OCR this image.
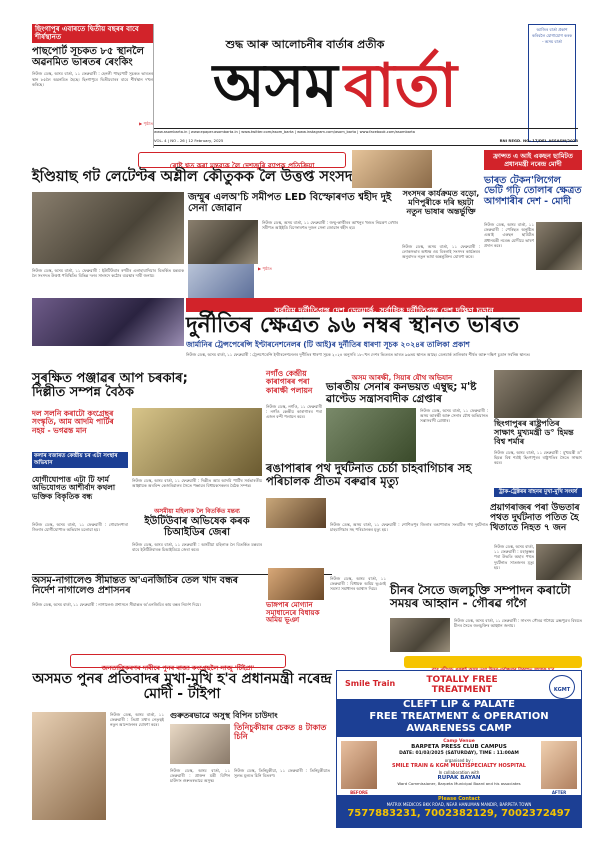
ছিংগাপুৰ এবাৰতে দ্বিতীয় বছৰৰ বাবে শীৰ্ষস্থানত
পাছপোৰ্ট সূচকত ৮৫ স্থানলৈ অৱনমিত ভাৰতৰ ৰেংকিং
নিউজ ডেস্ক, অসম বাৰ্তা, ১১ ফেব্ৰুৱাৰী : হেনলী পাছপোৰ্ট সূচকত ভাৰতৰ স্থান ৮৫লৈ অৱনমিত হৈছে। ছিংগাপুৰে দ্বিতীয়বাৰৰ বাবে শীৰ্ষস্থান দখল কৰিছে।
▶ পৃষ্ঠাত
শুদ্ধ আৰু আলোচনীৰ বাৰ্তাৰ প্ৰতীক
অসম বাৰ্তা
আজিৰ বাৰ্তা প্ৰকাশ কৰিবলৈ যোগাযোগ কৰক - অসম বাৰ্তা
www.asombarta.in | www.epaper.asombarta.in | www.twitter.com/asom_barta | www.instagram.com/asom_barta | www.facebook.com/asombarta
VOL- 4 | NO - 26 | 12 February, 2025	RNI REGD. NO: 17/DEL ASSASM/2023
ৰোষ্ট শ্বত কৰা মন্তব্যক লৈ দেশজুৰি ব্যাপক প্ৰতিক্ৰিয়া
ইণ্ডিয়াছ গট লেটেণ্টৰ অশ্লীল কৌতুকক লৈ উত্তপ্ত সংসদ
নিউজ ডেস্ক, অসম বাৰ্তা, ১১ ফেব্ৰুৱাৰী : ইউটিউবাৰ ৰণবীৰ এলাহাবাদিয়াৰ বিতৰ্কিত মন্তব্যক লৈ সংসদত উত্তপ্ত পৰিস্থিতি। বিভিন্ন দলৰ সাংসদে কঠোৰ ব্যৱস্থাৰ দাবী জনায়।
জম্মুৰ এলঅ'চি সমীপত LED বিস্ফোৰণত শ্বহীদ দুই সেনা জোৱান
নিউজ ডেস্ক, অসম বাৰ্তা, ১১ ফেব্ৰুৱাৰী : জম্মু-কাশ্মীৰৰ আখনুৰ খণ্ডত নিয়ন্ত্ৰণ ৰেখাৰ সমীপত আইইডি বিস্ফোৰণত দুজন সেনা জোৱান শ্বহীদ হয়।
▶ পৃষ্ঠাত
সংসদৰ কাৰ্যক্ৰমত বড়ো, মণিপুৰীকে দৰি ছয়টা নতুন ভাষাৰ অন্তৰ্ভুক্তি
নিউজ ডেস্ক, অসম বাৰ্তা, ১১ ফেব্ৰুৱাৰী : লোকসভাৰ অধ্যক্ষ ওম বিৰলাই সংসদৰ কাৰ্যক্ৰমৰ অনুবাদত নতুন ভাষা অন্তৰ্ভুক্তিৰ ঘোষণা কৰে।
ফ্ৰান্সত এ আই একছন ছামিটত প্ৰধানমন্ত্ৰী নৰেন্দ্ৰ মোদী
ভাৰত টেকন'লিগেল ভেটি গঢ়ি তোলাৰ ক্ষেত্ৰত আগশাৰীৰ দেশ - মোদী
নিউজ ডেস্ক, অসম বাৰ্তা, ১১ ফেব্ৰুৱাৰী : পেৰিছত অনুষ্ঠিত এআই একছন ছামিটত প্ৰধানমন্ত্ৰী নৰেন্দ্ৰ মোদীয়ে ভাষণ প্ৰদান কৰে।
সৰ্বনিম্ন দুৰ্নীতিগ্ৰস্ত দেশ ডেনমাৰ্ক, সৰ্বাধিক দুৰ্নীতিগ্ৰস্ত দেশ দক্ষিণ চুডান
দুৰ্নীতিৰ ক্ষেত্ৰত ৯৬ নম্বৰ স্থানত ভাৰত
জাৰ্মানিৰ ট্ৰেন্সপেৰেন্সি ইণ্টাৰনেশনেলৰ (টি আই)ৰ দুৰ্নীতিৰ ধাৰণা সূচক ২০২৪ৰ তালিকা প্ৰকাশ
নিউজ ডেস্ক, অসম বাৰ্তা, ১১ ফেব্ৰুৱাৰী : ট্ৰেন্সপেৰেন্সি ইণ্টাৰনেশনেলৰ দুৰ্নীতিৰ ধাৰণা সূচক ২০২৪ অনুসৰি ১৮০খন দেশৰ ভিতৰত ভাৰত ৯৬তম স্থানত আছে। ডেনমাৰ্ক তালিকাৰ শীৰ্ষত আৰু দক্ষিণ চুডান সৰ্বনিম্ন স্থানত।
সুৰক্ষিত পঞ্জাৱৰ আপ চৰকাৰ; দিল্লীত সম্পন্ন বৈঠক
দল সলনি কৰাটো কংগ্ৰেছৰ সংস্কৃতি, আম আদমি পাৰ্টিৰ নহয় - ভগৱন্ত মান
কলাৰ বজাৰত কেন্দ্ৰীয় চৰ এটা সংস্থাৰ অভিযান
যোগীঘোপাত্ত এটা টি ফাৰ্ম অভিযোগত আশীৰ্বাদ কথলা ভক্তিক বিকৃতিক বন্ধ
নিউজ ডেস্ক, অসম বাৰ্তা, ১১ ফেব্ৰুৱাৰী : গোৱালপাৰা জিলাৰ যোগীঘোপাত অভিযান চলোৱা হয়।
নিউজ ডেস্ক, অসম বাৰ্তা, ১১ ফেব্ৰুৱাৰী : দিল্লীত আম আদমি পাৰ্টিৰ সৰ্বভাৰতীয় আহ্বায়ক অৰবিন্দ কেজৰিৱালৰ সৈতে পঞ্জাৱৰ বিধায়কসকলৰ বৈঠক সম্পন্ন।
অসমীয়া মহিলাক লৈ বিতৰ্কিত মন্তব্য
ইউটিউবাৰ অভিষেক কৰক চিআইডিৰ জেৰা
নিউজ ডেস্ক, অসম বাৰ্তা, ১১ ফেব্ৰুৱাৰী : অসমীয়া মহিলাক লৈ বিতৰ্কিত মন্তব্যৰ বাবে ইউটিউবাৰক চিআইডিয়ে জেৰা কৰে।
নগাঁও কেন্দ্ৰীয় কাৰাগাৰৰ পৰা কাৰাক্ষী পলায়ন
নিউজ ডেস্ক, নগাঁও, ১১ ফেব্ৰুৱাৰী : নগাঁও কেন্দ্ৰীয় কাৰাগাৰৰ পৰা এজন বন্দী পলায়ন কৰে।
অসম আৰক্ষী, সিয়াৰ যৌথ অভিযান
ভাৰতীয় সেনাৰ কনভয়ত এম্বুছ; ম'ষ্ট ৱাণ্টেড সন্ত্ৰাসবাদীক গ্ৰেপ্তাৰ
নিউজ ডেস্ক, অসম বাৰ্তা, ১১ ফেব্ৰুৱাৰী : অসম আৰক্ষী আৰু সেনাৰ যৌথ অভিযানত সন্ত্ৰাসবাদী গ্ৰেপ্তাৰ।	ছিংগাপুৰৰ ৰাষ্ট্ৰপতিৰ সাক্ষাৎ মুখ্যমন্ত্ৰী ড° হিমন্ত বিশ্ব শৰ্মাৰ
নিউজ ডেস্ক, অসম বাৰ্তা, ১১ ফেব্ৰুৱাৰী : মুখ্যমন্ত্ৰী ড° হিমন্ত বিশ্ব শৰ্মাই ছিংগাপুৰৰ ৰাষ্ট্ৰপতিৰ সৈতে সাক্ষাৎ কৰে।
ৰঙাপাৰাৰ পথ দুৰ্ঘটনাত চেৰ্চা চাহবাগিচাৰ সহ পৰিচালক প্ৰীতম বৰুৱাৰ মৃত্যু
নিউজ ডেস্ক, অসম বাৰ্তা, ১১ ফেব্ৰুৱাৰী : শোণিতপুৰ জিলাৰ ৰঙাপাৰাত সংঘটিত পথ দুৰ্ঘটনাত চাহবাগিচাৰ সহ পৰিচালকৰ মৃত্যু হয়।
ট্ৰাক-ট্ৰেক্টৰৰ বাহনৰ মুখা-মুখি সংঘৰ্ষ
প্ৰয়াগৰাজৰ পৰা উভতাৰ পথত দুৰ্ঘটনাত পতিত হৈ থিতাতে নিহত ৭ জন
নিউজ ডেস্ক, অসম বাৰ্তা, ১১ ফেব্ৰুৱাৰী : মহাকুম্ভৰ পৰা উভতি অহাৰ পথত দুৰ্ঘটনাত সাতজনৰ মৃত্যু হয়।
অসম-নাগালেণ্ড সীমান্তত অ'এনজিচিৰ তেল খাদ বন্ধৰ নিৰ্দেশ নাগালেণ্ড প্ৰশাসনৰ
নিউজ ডেস্ক, অসম বাৰ্তা, ১১ ফেব্ৰুৱাৰী : নাগালেণ্ড প্ৰশাসনে সীমান্তত অ'এনজিচিৰ কাম বন্ধৰ নিৰ্দেশ দিয়ে।	ভাঙ্গপাৰ মোগ্যান সমাধানেৰে বিধায়ক অমিয় ভূঞা
নিউজ ডেস্ক, অসম বাৰ্তা, ১১ ফেব্ৰুৱাৰী : বিধায়ক অমিয় ভূঞাই সমস্যা সমাধানৰ আশ্বাস দিয়ে।	চীনৰ সৈতে জলচুক্তি সম্পাদন কৰাটো সময়ৰ আহ্বান - গৌৰৱ গগৈ
নিউজ ডেস্ক, অসম বাৰ্তা, ১১ ফেব্ৰুৱাৰী : সাংসদ গৌৰৱ গগৈয়ে ব্ৰহ্মপুত্ৰৰ বিষয়ত চীনৰ সৈতে জলচুক্তিৰ আহ্বান জনায়।
জনতাত্ৰিকৰণৰ দাবীৰে পুনৰ ৰাজ্য কংগ্ৰেছলৈ সাজু 'টিইপ্ৰা'
অসমত পুনৰ প্ৰতিবাদৰ মুখা-মুখি হ'ব প্ৰধানমন্ত্ৰী নৰেন্দ্ৰ মোদী - টাইপা
নিউজ ডেস্ক, অসম বাৰ্তা, ১১ ফেব্ৰুৱাৰী : তিপ্ৰা মথাৰ নেতৃত্বই নতুন আন্দোলনৰ ঘোষণা কৰে।
গুৰুতৰভাৱে অসুস্থ বিপিন চাউদাং
তিনিচুকীয়াৰ চেকত ৪ টাকাত চিনি
নিউজ ডেস্ক, তিনিচুকীয়া, ১১ ফেব্ৰুৱাৰী : তিনিচুকীয়াত সুলভ মূল্যত চিনি বিতৰণ।
নিউজ ডেস্ক, অসম বাৰ্তা, ১১ ফেব্ৰুৱাৰী : প্ৰাক্তন মন্ত্ৰী বিপিন চাউদাং গুৰুতৰভাৱে অসুস্থ।
Smile Train	TOTALLY FREE TREATMENT	KGMT
CLEFT LIP & PALATE
FREE TREATMENT & OPERATION
AWARENESS CAMP
BEFORE	AFTER
Camp Venue
BARPETA PRESS CLUB CAMPUS
DATE: 01/03/2025 (SATURDAY), TIME : 11:00AM
organised by :
SMILE TRAIN & KGM MULTISPECIALTY HOSPITAL
In collaboration with
RUPAK BAYAN
Ward Commissioner, Barpeta Municipal Board and his associates
Please Contact
MATRIX MEDICOS BKK ROAD, NEAR HANUMAN MANDIR, BARPETA TOWN
7577883231, 7002382129, 7002372497
